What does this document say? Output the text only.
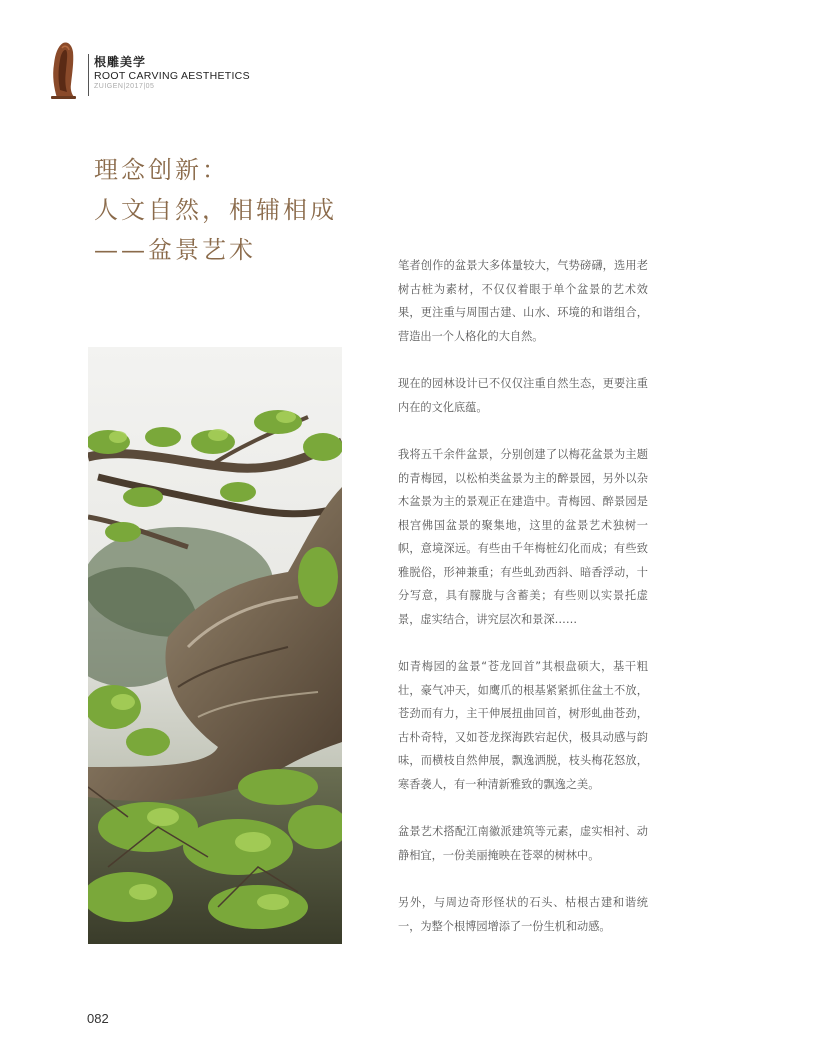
根雕美学
ROOT CARVING AESTHETICS
ZUIGEN|2017|05
理念创新：
人文自然，相辅相成
——盆景艺术

笔者创作的盆景大多体量较大，气势磅礴，选用老树古桩为素材，不仅仅着眼于单个盆景的艺术效果，更注重与周围古建、山水、环境的和谐组合，营造出一个人格化的大自然。

现在的园林设计已不仅仅注重自然生态，更要注重内在的文化底蕴。

我将五千余件盆景，分别创建了以梅花盆景为主题的青梅园，以松柏类盆景为主的醉景园，另外以杂木盆景为主的景观正在建造中。青梅园、醉景园是根宫佛国盆景的聚集地，这里的盆景艺术独树一帜，意境深远。有些由千年梅桩幻化而成；有些致雅脱俗，形神兼重；有些虬劲西斜、暗香浮动，十分写意，具有朦胧与含蓄美；有些则以实景托虚景，虚实结合，讲究层次和景深……

如青梅园的盆景“苍龙回首”其根盘硕大，基干粗壮，豪气冲天，如鹰爪的根基紧紧抓住盆土不放，苍劲而有力，主干伸展扭曲回首，树形虬曲苍劲，古朴奇特，又如苍龙探海跌宕起伏，极具动感与韵味，而横枝自然伸展，飘逸洒脱，枝头梅花怒放，寒香袭人，有一种清新雅致的飘逸之美。

盆景艺术搭配江南徽派建筑等元素，虚实相衬、动静相宜，一份美丽掩映在苍翠的树林中。

另外，与周边奇形怪状的石头、枯根古建和谐统一，为整个根博园增添了一份生机和动感。

082
